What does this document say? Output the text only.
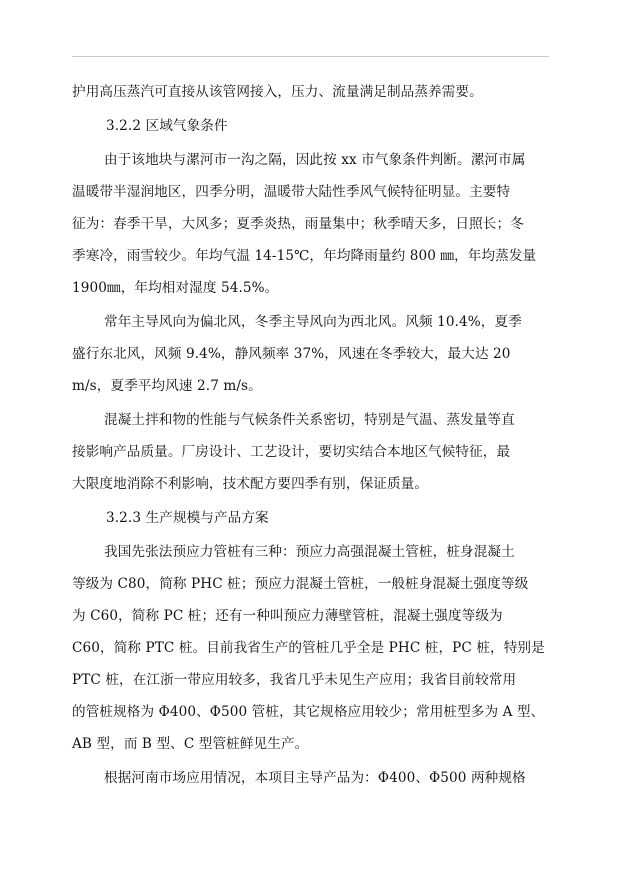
护用高压蒸汽可直接从该管网接入，压力、流量满足制品蒸养需要。
3.2.2 区域气象条件
由于该地块与漯河市一沟之隔，因此按 xx 市气象条件判断。漯河市属
温暖带半湿润地区，四季分明，温暖带大陆性季风气候特征明显。主要特
征为：春季干旱，大风多；夏季炎热，雨量集中；秋季晴天多，日照长；冬
季寒冷，雨雪较少。年均气温 14-15℃，年均降雨量约 800 ㎜，年均蒸发量
1900㎜，年均相对湿度 54.5%。
常年主导风向为偏北风，冬季主导风向为西北风。风频 10.4%，夏季
盛行东北风，风频 9.4%，静风频率 37%，风速在冬季较大，最大达 20
m/s，夏季平均风速 2.7 m/s。
混凝土拌和物的性能与气候条件关系密切，特别是气温、蒸发量等直
接影响产品质量。厂房设计、工艺设计，要切实结合本地区气候特征，最
大限度地消除不利影响，技术配方要四季有别，保证质量。
3.2.3 生产规模与产品方案
我国先张法预应力管桩有三种：预应力高强混凝土管桩，桩身混凝土
等级为 C80，简称 PHC 桩；预应力混凝土管桩，一般桩身混凝土强度等级
为 C60，简称 PC 桩；还有一种叫预应力薄壁管桩，混凝土强度等级为
C60，简称 PTC 桩。目前我省生产的管桩几乎全是 PHC 桩，PC 桩，特别是
PTC 桩，在江浙一带应用较多，我省几乎未见生产应用；我省目前较常用
的管桩规格为 Φ400、Φ500 管桩，其它规格应用较少；常用桩型多为 A 型、
AB 型，而 B 型、C 型管桩鲜见生产。
根据河南市场应用情况，本项目主导产品为：Φ400、Φ500 两种规格
